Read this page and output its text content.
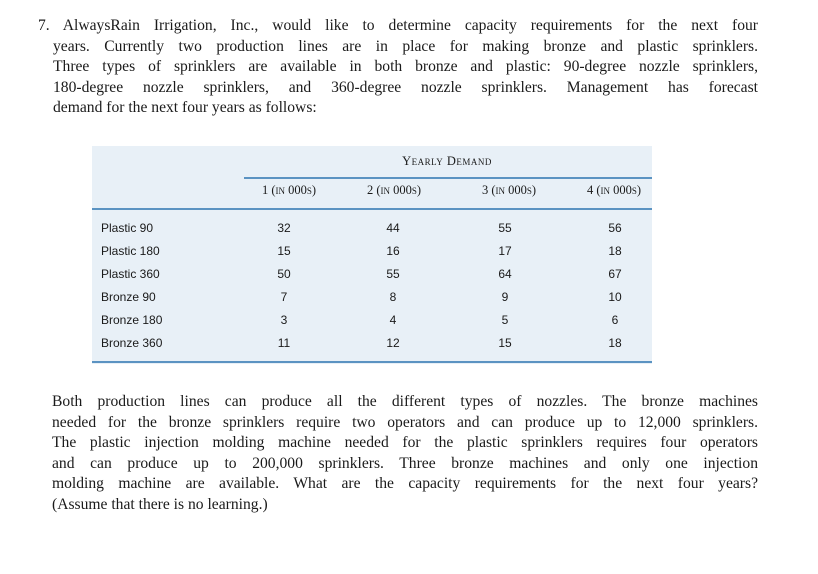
7. AlwaysRain Irrigation, Inc., would like to determine capacity requirements for the next four
years. Currently two production lines are in place for making bronze and plastic sprinklers.
Three types of sprinklers are available in both bronze and plastic: 90-degree nozzle sprinklers,
180-degree nozzle sprinklers, and 360-degree nozzle sprinklers. Management has forecast
demand for the next four years as follows:
Yearly Demand
1 (in 000s)	2 (in 000s)	3 (in 000s)	4 (in 000s)
Plastic 90	32	44	55	56
Plastic 180	15	16	17	18
Plastic 360	50	55	64	67
Bronze 90	7	8	9	10
Bronze 180	3	4	5	6
Bronze 360	11	12	15	18
Both production lines can produce all the different types of nozzles. The bronze machines
needed for the bronze sprinklers require two operators and can produce up to 12,000 sprinklers.
The plastic injection molding machine needed for the plastic sprinklers requires four operators
and can produce up to 200,000 sprinklers. Three bronze machines and only one injection
molding machine are available. What are the capacity requirements for the next four years?
(Assume that there is no learning.)
